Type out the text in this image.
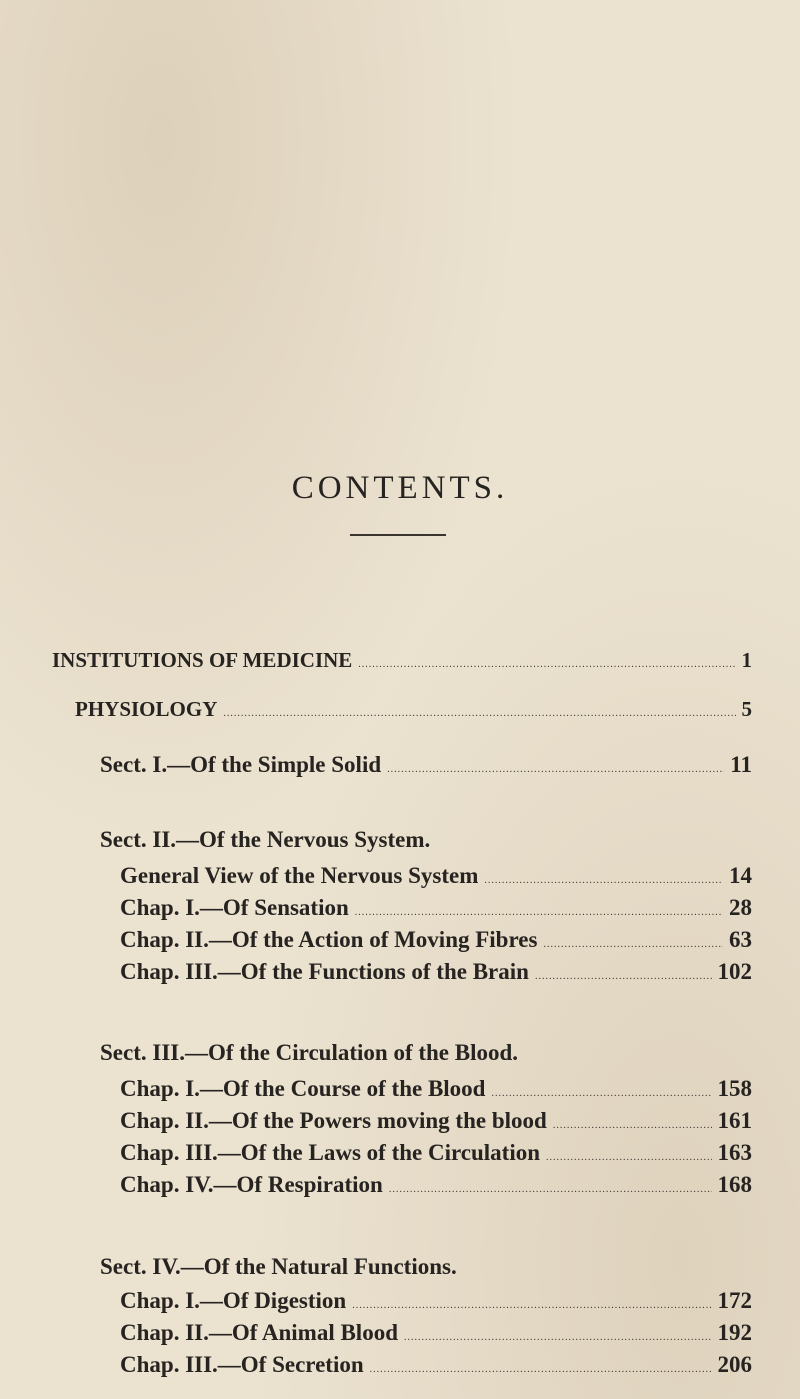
CONTENTS.
INSTITUTIONS OF MEDICINE .....	1
PHYSIOLOGY .....	5
Sect. I.—Of the Simple Solid .....	11
Sect. II.—Of the Nervous System.
General View of the Nervous System .....	14
Chap. I.—Of Sensation .....	28
Chap. II.—Of the Action of Moving Fibres .....	63
Chap. III.—Of the Functions of the Brain .....	102
Sect. III.—Of the Circulation of the Blood.
Chap. I.—Of the Course of the Blood .....	158
Chap. II.—Of the Powers moving the blood .....	161
Chap. III.—Of the Laws of the Circulation .....	163
Chap. IV.—Of Respiration .....	168
Sect. IV.—Of the Natural Functions.
Chap. I.—Of Digestion .....	172
Chap. II.—Of Animal Blood .....	192
Chap. III.—Of Secretion .....	206
